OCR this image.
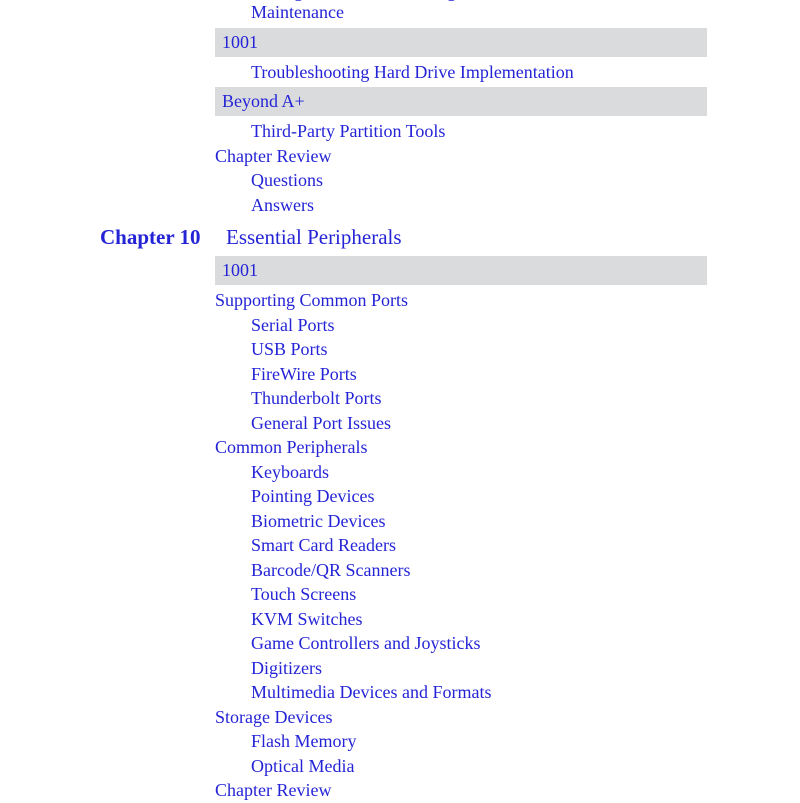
Maintenance
1001
Troubleshooting Hard Drive Implementation
Beyond A+
Third-Party Partition Tools
Chapter Review
Questions
Answers
Chapter 10 Essential Peripherals
1001
Supporting Common Ports
Serial Ports
USB Ports
FireWire Ports
Thunderbolt Ports
General Port Issues
Common Peripherals
Keyboards
Pointing Devices
Biometric Devices
Smart Card Readers
Barcode/QR Scanners
Touch Screens
KVM Switches
Game Controllers and Joysticks
Digitizers
Multimedia Devices and Formats
Storage Devices
Flash Memory
Optical Media
Chapter Review
